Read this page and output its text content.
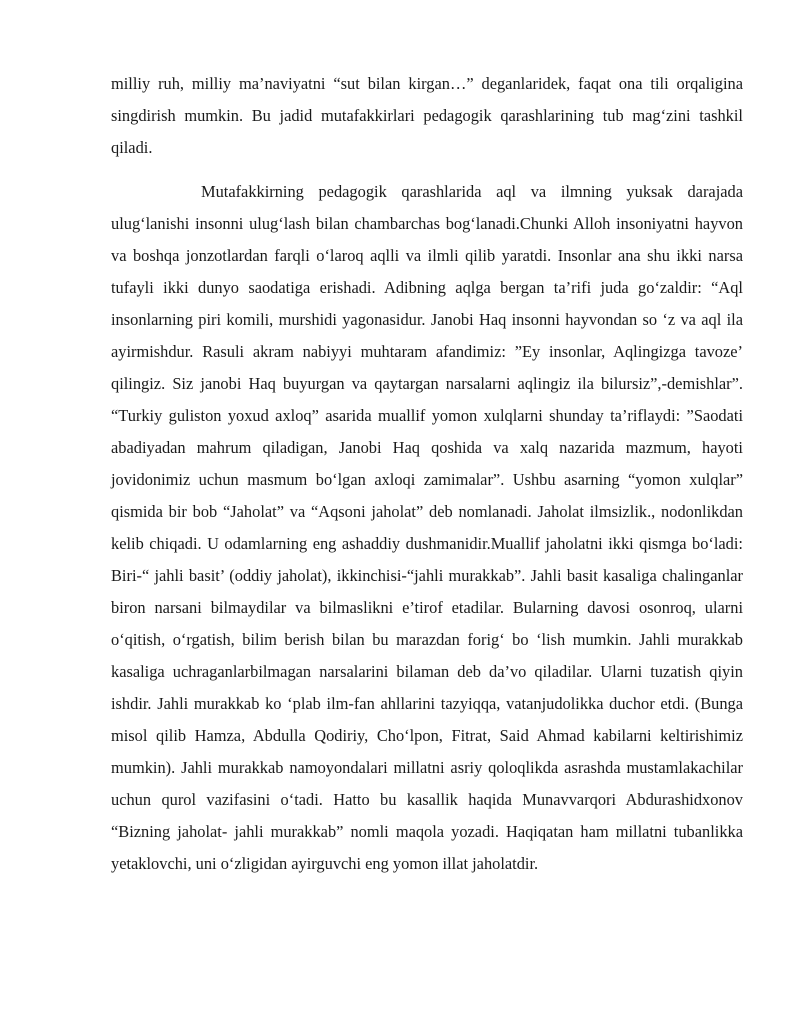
milliy ruh, milliy ma’naviyatni “sut bilan kirgan…” deganlaridek, faqat ona tili orqaligina singdirish mumkin. Bu jadid mutafakkirlari pedagogik qarashlarining tub mag‘zini tashkil qiladi.

Mutafakkirning pedagogik qarashlarida aql va ilmning yuksak darajada ulug‘lanishi insonni ulug‘lash bilan chambarchas bog‘lanadi.Chunki Alloh insoniyatni hayvon va boshqa jonzotlardan farqli o‘laroq aqlli va ilmli qilib yaratdi. Insonlar ana shu ikki narsa tufayli ikki dunyo saodatiga erishadi. Adibning aqlga bergan ta’rifi juda go‘zaldir: “Aql insonlarning piri komili, murshidi yagonasidur. Janobi Haq insonni hayvondan so ‘z va aql ila ayirmishdur. Rasuli akram nabiyyi muhtaram afandimiz: ”Ey insonlar, Aqlingizga tavoze’ qilingiz. Siz janobi Haq buyurgan va qaytargan narsalarni aqlingiz ila bilursiz”,-demishlar”. “Turkiy guliston yoxud axloq” asarida muallif yomon xulqlarni shunday ta’riflaydi: ”Saodati abadiyadan mahrum qiladigan, Janobi Haq qoshida va xalq nazarida mazmum, hayoti jovidonimiz uchun masmum bo‘lgan axloqi zamimalar”. Ushbu asarning “yomon xulqlar” qismida bir bob “Jaholat” va “Aqsoni jaholat” deb nomlanadi. Jaholat ilmsizlik., nodonlikdan kelib chiqadi. U odamlarning eng ashaddiy dushmanidir.Muallif jaholatni ikki qismga bo‘ladi: Biri-“ jahli basit’ (oddiy jaholat), ikkinchisi-“jahli murakkab”. Jahli basit kasaliga chalinganlar biron narsani bilmaydilar va bilmaslikni e’tirof etadilar. Bularning davosi osonroq, ularni o‘qitish, o‘rgatish, bilim berish bilan bu marazdan forig‘ bo ‘lish mumkin. Jahli murakkab kasaliga uchraganlarbilmagan narsalarini bilaman deb da’vo qiladilar. Ularni tuzatish qiyin ishdir. Jahli murakkab ko ‘plab ilm-fan ahllarini tazyiqqa, vatanjudolikka duchor etdi. (Bunga misol qilib Hamza, Abdulla Qodiriy, Cho‘lpon, Fitrat, Said Ahmad kabilarni keltirishimiz mumkin). Jahli murakkab namoyondalari millatni asriy qoloqlikda asrashda mustamlakachilar uchun qurol vazifasini o‘tadi. Hatto bu kasallik haqida Munavvarqori Abdurashidxonov “Bizning jaholat- jahli murakkab” nomli maqola yozadi. Haqiqatan ham millatni tubanlikka yetaklovchi, uni o‘zligidan ayirguvchi eng yomon illat jaholatdir.
